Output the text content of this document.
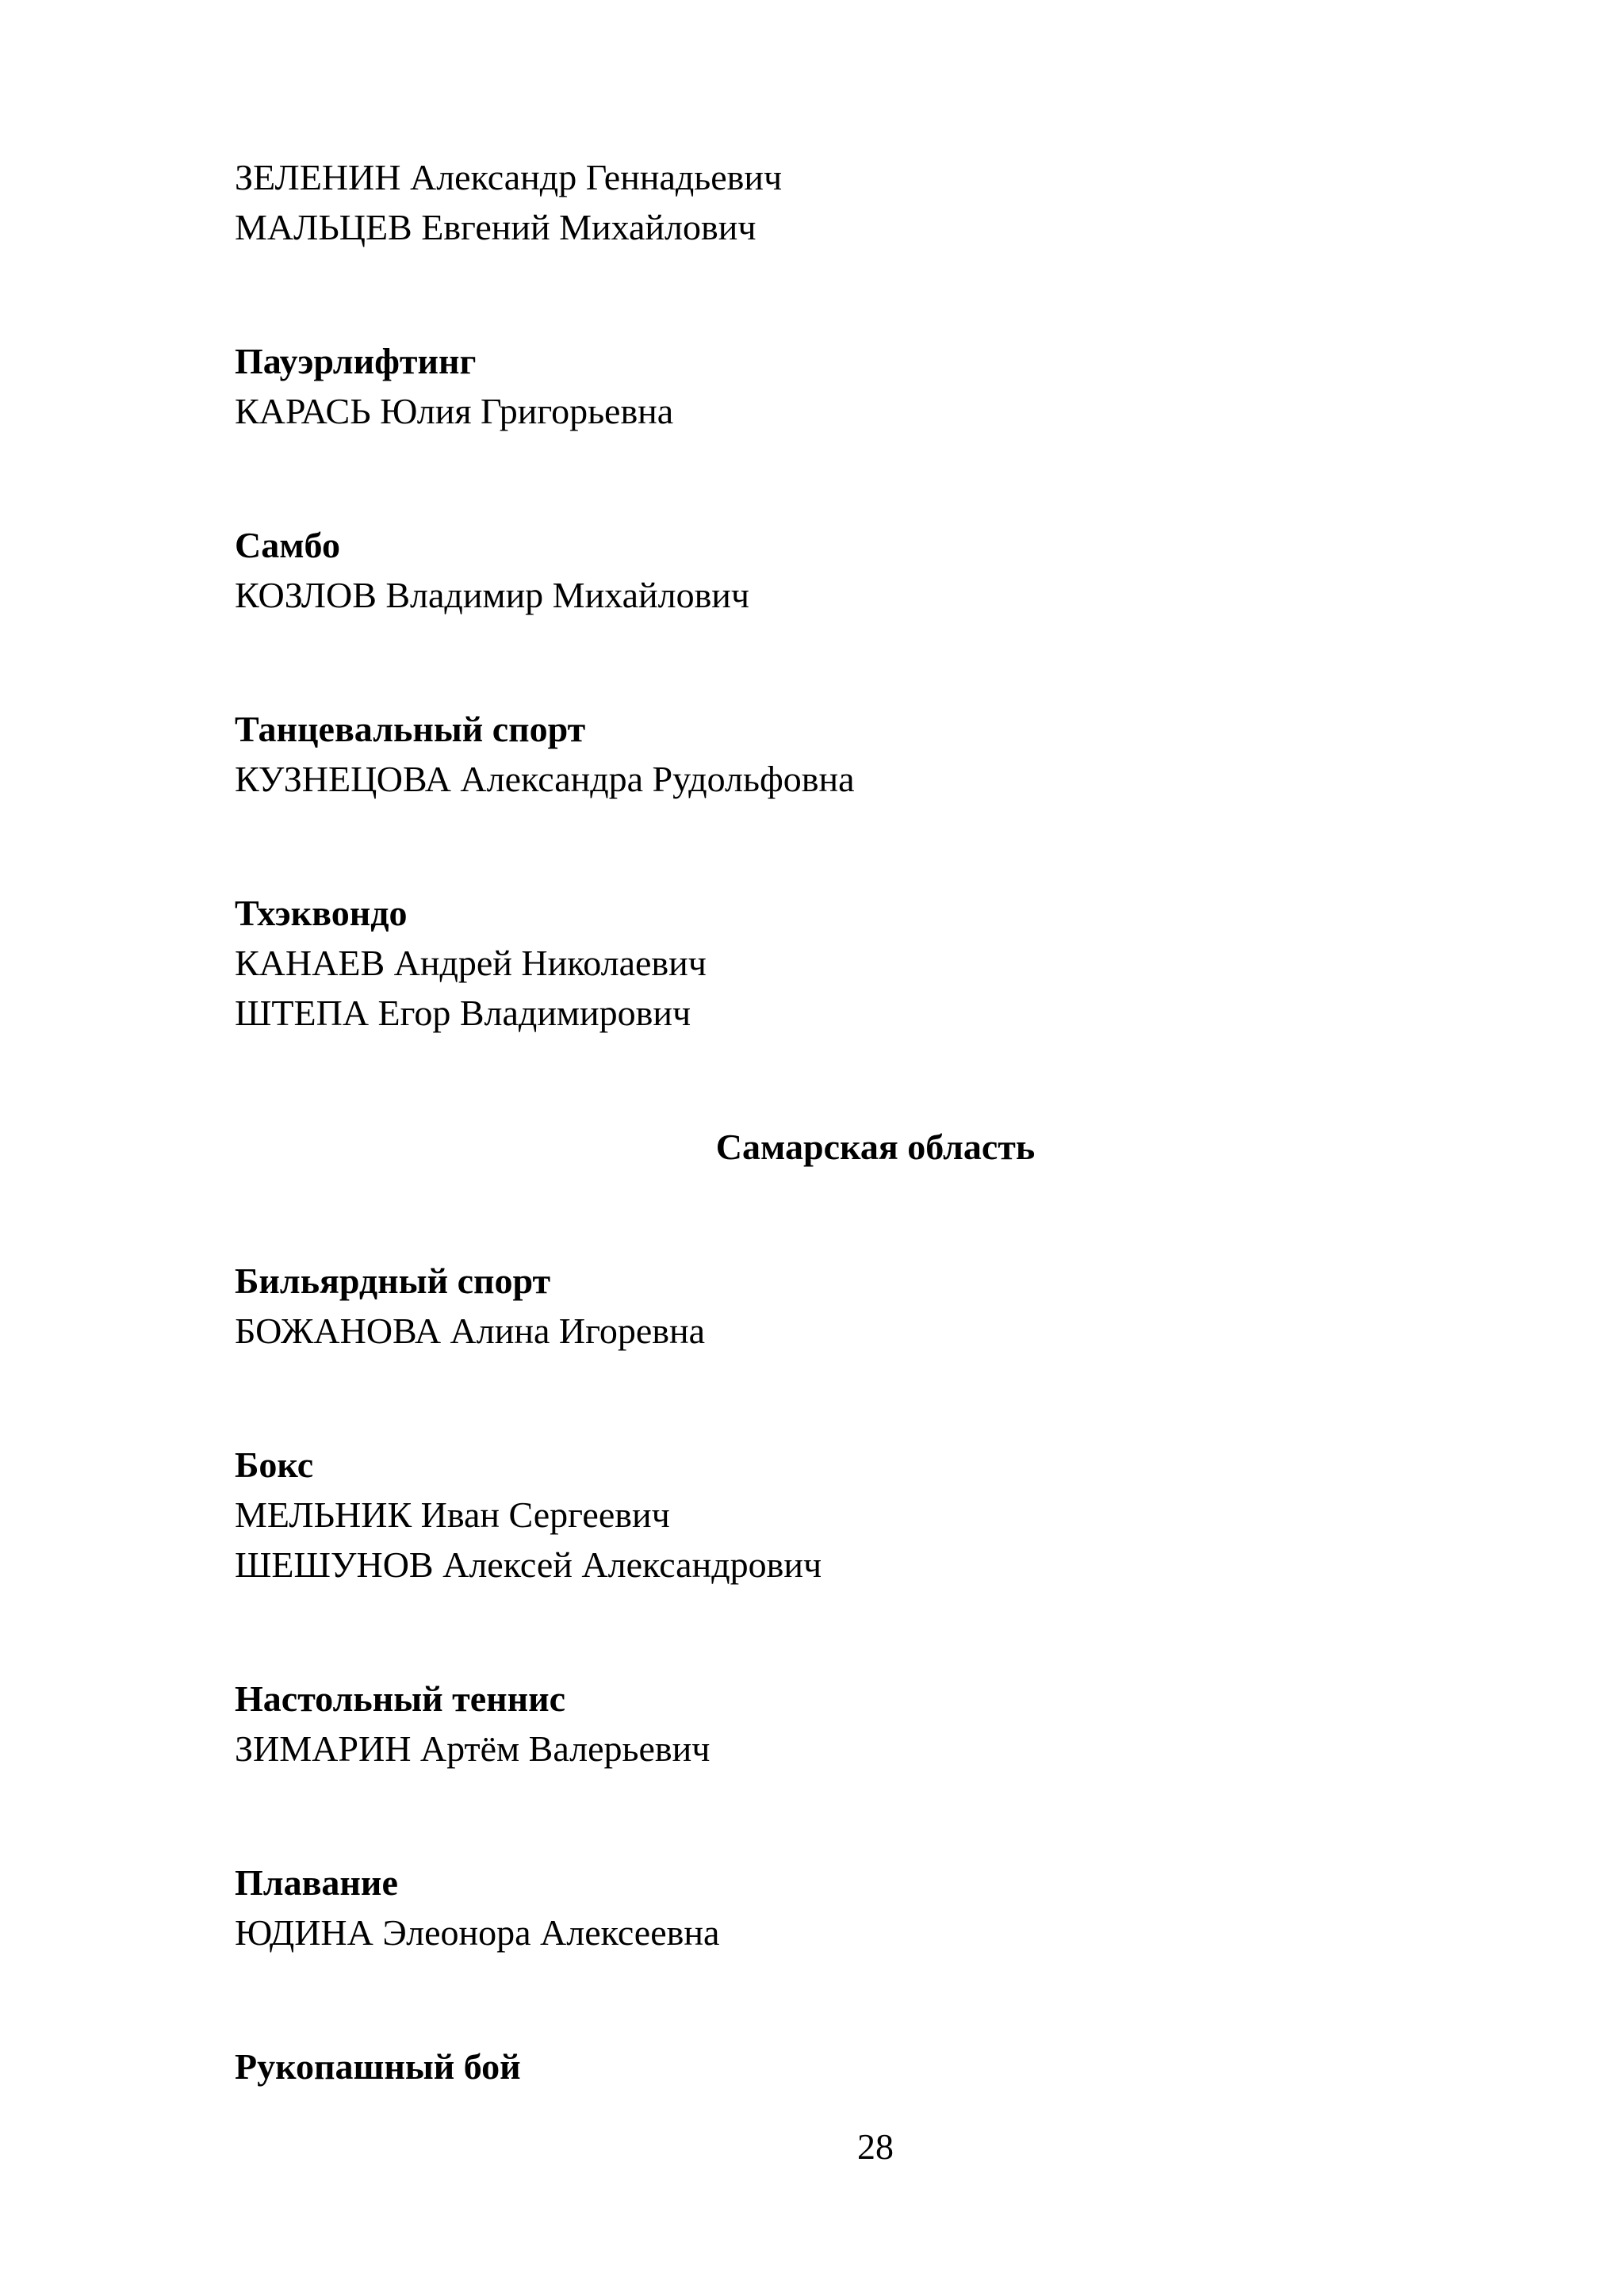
ЗЕЛЕНИН Александр Геннадьевич
МАЛЬЦЕВ Евгений Михайлович
Пауэрлифтинг
КАРАСЬ Юлия Григорьевна
Самбо
КОЗЛОВ Владимир Михайлович
Танцевальный спорт
КУЗНЕЦОВА Александра Рудольфовна
Тхэквондо
КАНАЕВ Андрей Николаевич
ШТЕПА Егор Владимирович
Самарская область
Бильярдный спорт
БОЖАНОВА Алина Игоревна
Бокс
МЕЛЬНИК Иван Сергеевич
ШЕШУНОВ Алексей Александрович
Настольный теннис
ЗИМАРИН Артём Валерьевич
Плавание
ЮДИНА Элеонора Алексеевна
Рукопашный бой
28
